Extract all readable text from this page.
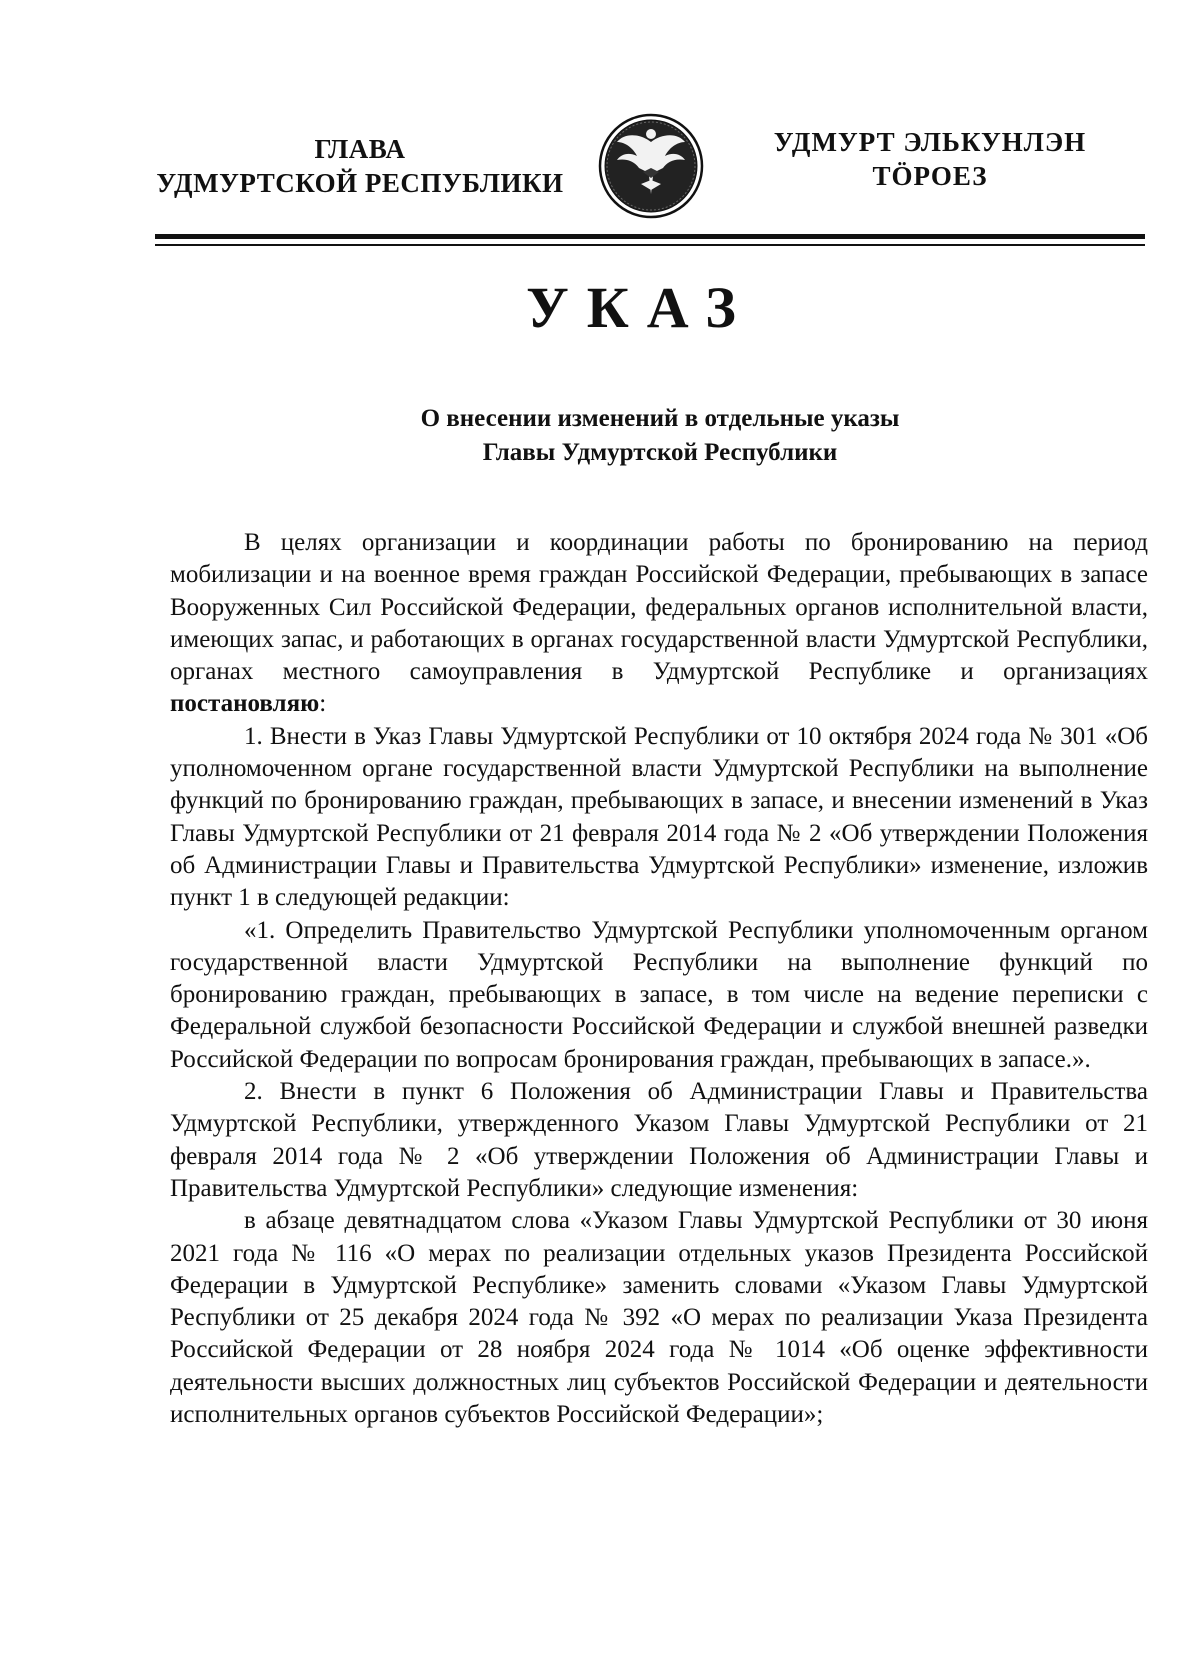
ГЛАВА
УДМУРТСКОЙ РЕСПУБЛИКИ
УДМУРТ ЭЛЬКУНЛЭН
ТӦРОЕЗ
УКАЗ
О внесении изменений в отдельные указы
Главы Удмуртской Республики

В целях организации и координации работы по бронированию на период мобилизации и на военное время граждан Российской Федерации, пребывающих в запасе Вооруженных Сил Российской Федерации, федеральных органов исполнительной власти, имеющих запас, и работающих в органах государственной власти Удмуртской Республики, органах местного самоуправления в Удмуртской Республике и организациях постановляю:

1. Внести в Указ Главы Удмуртской Республики от 10 октября 2024 года № 301 «Об уполномоченном органе государственной власти Удмуртской Республики на выполнение функций по бронированию граждан, пребывающих в запасе, и внесении изменений в Указ Главы Удмуртской Республики от 21 февраля 2014 года № 2 «Об утверждении Положения об Администрации Главы и Правительства Удмуртской Республики» изменение, изложив пункт 1 в следующей редакции:

«1. Определить Правительство Удмуртской Республики уполномоченным органом государственной власти Удмуртской Республики на выполнение функций по бронированию граждан, пребывающих в запасе, в том числе на ведение переписки с Федеральной службой безопасности Российской Федерации и службой внешней разведки Российской Федерации по вопросам бронирования граждан, пребывающих в запасе.».

2. Внести в пункт 6 Положения об Администрации Главы и Правительства Удмуртской Республики, утвержденного Указом Главы Удмуртской Республики от 21 февраля 2014 года № 2 «Об утверждении Положения об Администрации Главы и Правительства Удмуртской Республики» следующие изменения:

в абзаце девятнадцатом слова «Указом Главы Удмуртской Республики от 30 июня 2021 года № 116 «О мерах по реализации отдельных указов Президента Российской Федерации в Удмуртской Республике» заменить словами «Указом Главы Удмуртской Республики от 25 декабря 2024 года № 392 «О мерах по реализации Указа Президента Российской Федерации от 28 ноября 2024 года № 1014 «Об оценке эффективности деятельности высших должностных лиц субъектов Российской Федерации и деятельности исполнительных органов субъектов Российской Федерации»;
